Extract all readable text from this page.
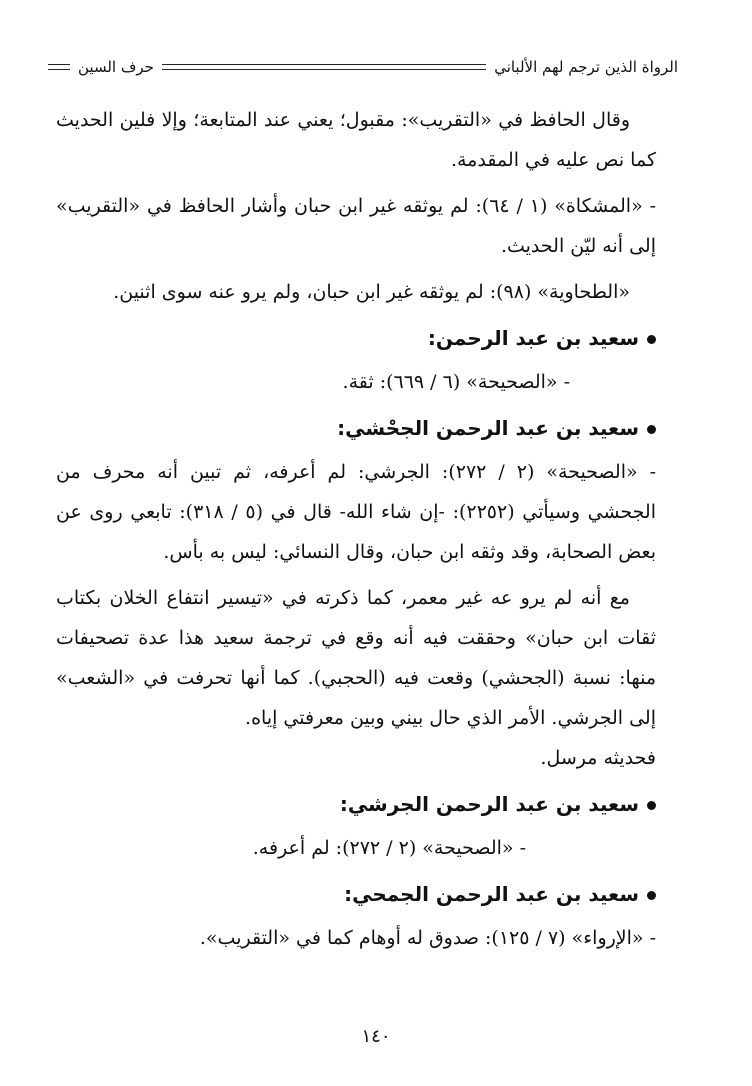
الرواة الذين ترجم لهم الألباني
حرف السين

وقال الحافظ في «التقريب»: مقبول؛ يعني عند المتابعة؛ وإلا فلين الحديث كما نص عليه في المقدمة.

- «المشكاة» (١ / ٦٤): لم يوثقه غير ابن حبان وأشار الحافظ في «التقريب» إلى أنه ليّن الحديث.

«الطحاوية» (٩٨): لم يوثقه غير ابن حبان، ولم يرو عنه سوى اثنين.

سعيد بن عبد الرحمن:

- «الصحيحة» (٦ / ٦٦٩): ثقة.

سعيد بن عبد الرحمن الجحْشي:

- «الصحيحة» (٢ / ٢٧٢): الجرشي: لم أعرفه، ثم تبين أنه محرف من الجحشي وسيأتي (٢٢٥٢): -إن شاء الله- قال في (٥ / ٣١٨): تابعي روى عن بعض الصحابة، وقد وثقه ابن حبان، وقال النسائي: ليس به بأس.

مع أنه لم يرو عه غير معمر، كما ذكرته في «تيسير انتفاع الخلان بكتاب ثقات ابن حبان» وحققت فيه أنه وقع في ترجمة سعيد هذا عدة تصحيفات منها: نسبة (الجحشي) وقعت فيه (الحجبي). كما أنها تحرفت في «الشعب» إلى الجرشي. الأمر الذي حال بيني وبين معرفتي إياه.

فحديثه مرسل.

سعيد بن عبد الرحمن الجرشي:

- «الصحيحة» (٢ / ٢٧٢): لم أعرفه.

سعيد بن عبد الرحمن الجمحي:

- «الإرواء» (٧ / ١٢٥): صدوق له أوهام كما في «التقريب».

١٤٠
